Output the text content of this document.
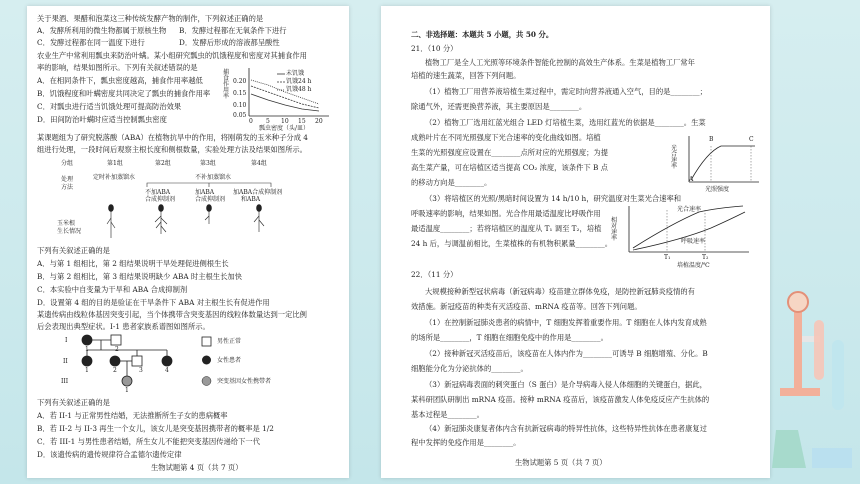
关于果酒、果醋和泡菜这三种传统发酵产物的制作，下列叙述正确的是
A．发酵所利用的微生物都属于原核生物 B．发酵过程都在无氧条件下进行
C．发酵过程都在同一温度下进行	D．发酵后形成的溶液都呈酸性
农业生产中常利用瓢虫来防治叶螨。某小组研究瓢虫的饥饿程度和密度对其捕食作用
率的影响，结果如图所示。下列有关叙述错误的是
A．在相同条件下，瓢虫密度越高，捕食作用率越低
B．饥饿程度和叶螨密度共同决定了瓢虫的捕食作用率
C．对瓢虫进行适当饥饿处理可提高防治效果
D．田间防治叶螨时应适当控制瓢虫密度
捕食作用率
未饥饿
饥饿24 h
饥饿48 h
0.20
0.15
0.10
0.05
0 5 10 15 20
瓢虫密度（头/皿）
某课题组为了研究脱落酸（ABA）在植物抗旱中的作用，将刚萌发的玉米种子分成 4
组进行处理，一段时间后观察主根长度和侧根数量，实验处理方法及结果如图所示。
分组
处理
方法
玉米根
生长情况
第1组	第2组	第3组	第4组
定时补加蒸馏水	不补加蒸馏水
不加ABA
合成抑制剂
加ABA
合成抑制剂
加ABA合成抑制剂
和ABA
下列有关叙述正确的是
A．与第 1 组相比，第 2 组结果说明干旱处理促进侧根生长
B．与第 2 组相比，第 3 组结果说明缺少 ABA 时主根生长加快
C．本实验中自变量为干旱和 ABA 合成抑制剂
D．设置第 4 组的目的是验证在干旱条件下 ABA 对主根生长有促进作用
某遗传病由线粒体基因突变引起，当个体携带含突变基因的线粒体数量达到一定比例
后会表现出典型症状。I-1 患者家族系谱图如图所示。
I
II
III
1	2
1	2	3	4
1
男性正常
女性患者
突变基因女性携带者
下列有关叙述正确的是
A．若 II-1 与正常男性结婚，无法推断所生子女的患病概率
B．若 II-2 与 II-3 再生一个女儿，该女儿是突变基因携带者的概率是 1/2
C．若 III-1 与男性患者结婚，所生女儿不能把突变基因传递给下一代
D．该遗传病的遗传规律符合孟德尔遗传定律
生物试题第 4 页（共 7 页）
二、非选择题：本题共 5 小题，共 50 分。
21．（10 分）
植物工厂是全人工光照等环境条件智能化控制的高效生产体系。生菜是植物工厂常年
培植的速生蔬菜，回答下列问题。
（1）植物工厂用营养液培植生菜过程中，需定时向营养液通入空气，目的是________；
除通气外，还需更换营养液，其主要原因是________。
（2）植物工厂选用红蓝光组合 LED 灯培植生菜，选用红蓝光的依据是________。生菜
成熟叶片在不同光照强度下光合速率的变化曲线如图。培植
生菜的光照强度应设置在________点所对应的光照强度；为提
高生菜产量，可在培植区适当提高 CO₂ 浓度，该条件下 B 点
的移动方向是________。
光合速率
A
B	C
光照强度
（3）将培植区的光照/黑暗时间设置为 14 h/10 h，研究温度对生菜光合速率和
呼吸速率的影响，结果如图。光合作用最适温度比呼吸作用
最适温度________；若将培植区的温度从 T₁ 调至 T₂，培植
24 h 后，与调温前相比，生菜植株的有机物积累量________。
相对速率
光合速率
呼吸速率
T₁	T₂
培植温度/℃
22．（11 分）
大规模接种新型冠状病毒（新冠病毒）疫苗建立群体免疫，是防控新冠肺炎疫情的有
效措施。新冠疫苗的种类有灭活疫苗、mRNA 疫苗等。回答下列问题。
（1）在控制新冠肺炎患者的病情中，T 细胞发挥着重要作用。T 细胞在人体内发育成熟
的场所是________，T 细胞在细胞免疫中的作用是________。
（2）接种新冠灭活疫苗后，该疫苗在人体内作为________可诱导 B 细胞增殖、分化。B
细胞能分化为分泌抗体的________。
（3）新冠病毒表面的刺突蛋白（S 蛋白）是介导病毒入侵人体细胞的关键蛋白，据此，
某科研团队研制出 mRNA 疫苗。接种 mRNA 疫苗后，该疫苗激发人体免疫反应产生抗体的
基本过程是________。
（4）新冠肺炎康复者体内含有抗新冠病毒的特异性抗体，这些特异性抗体在患者康复过
程中发挥的免疫作用是________。
生物试题第 5 页（共 7 页）
